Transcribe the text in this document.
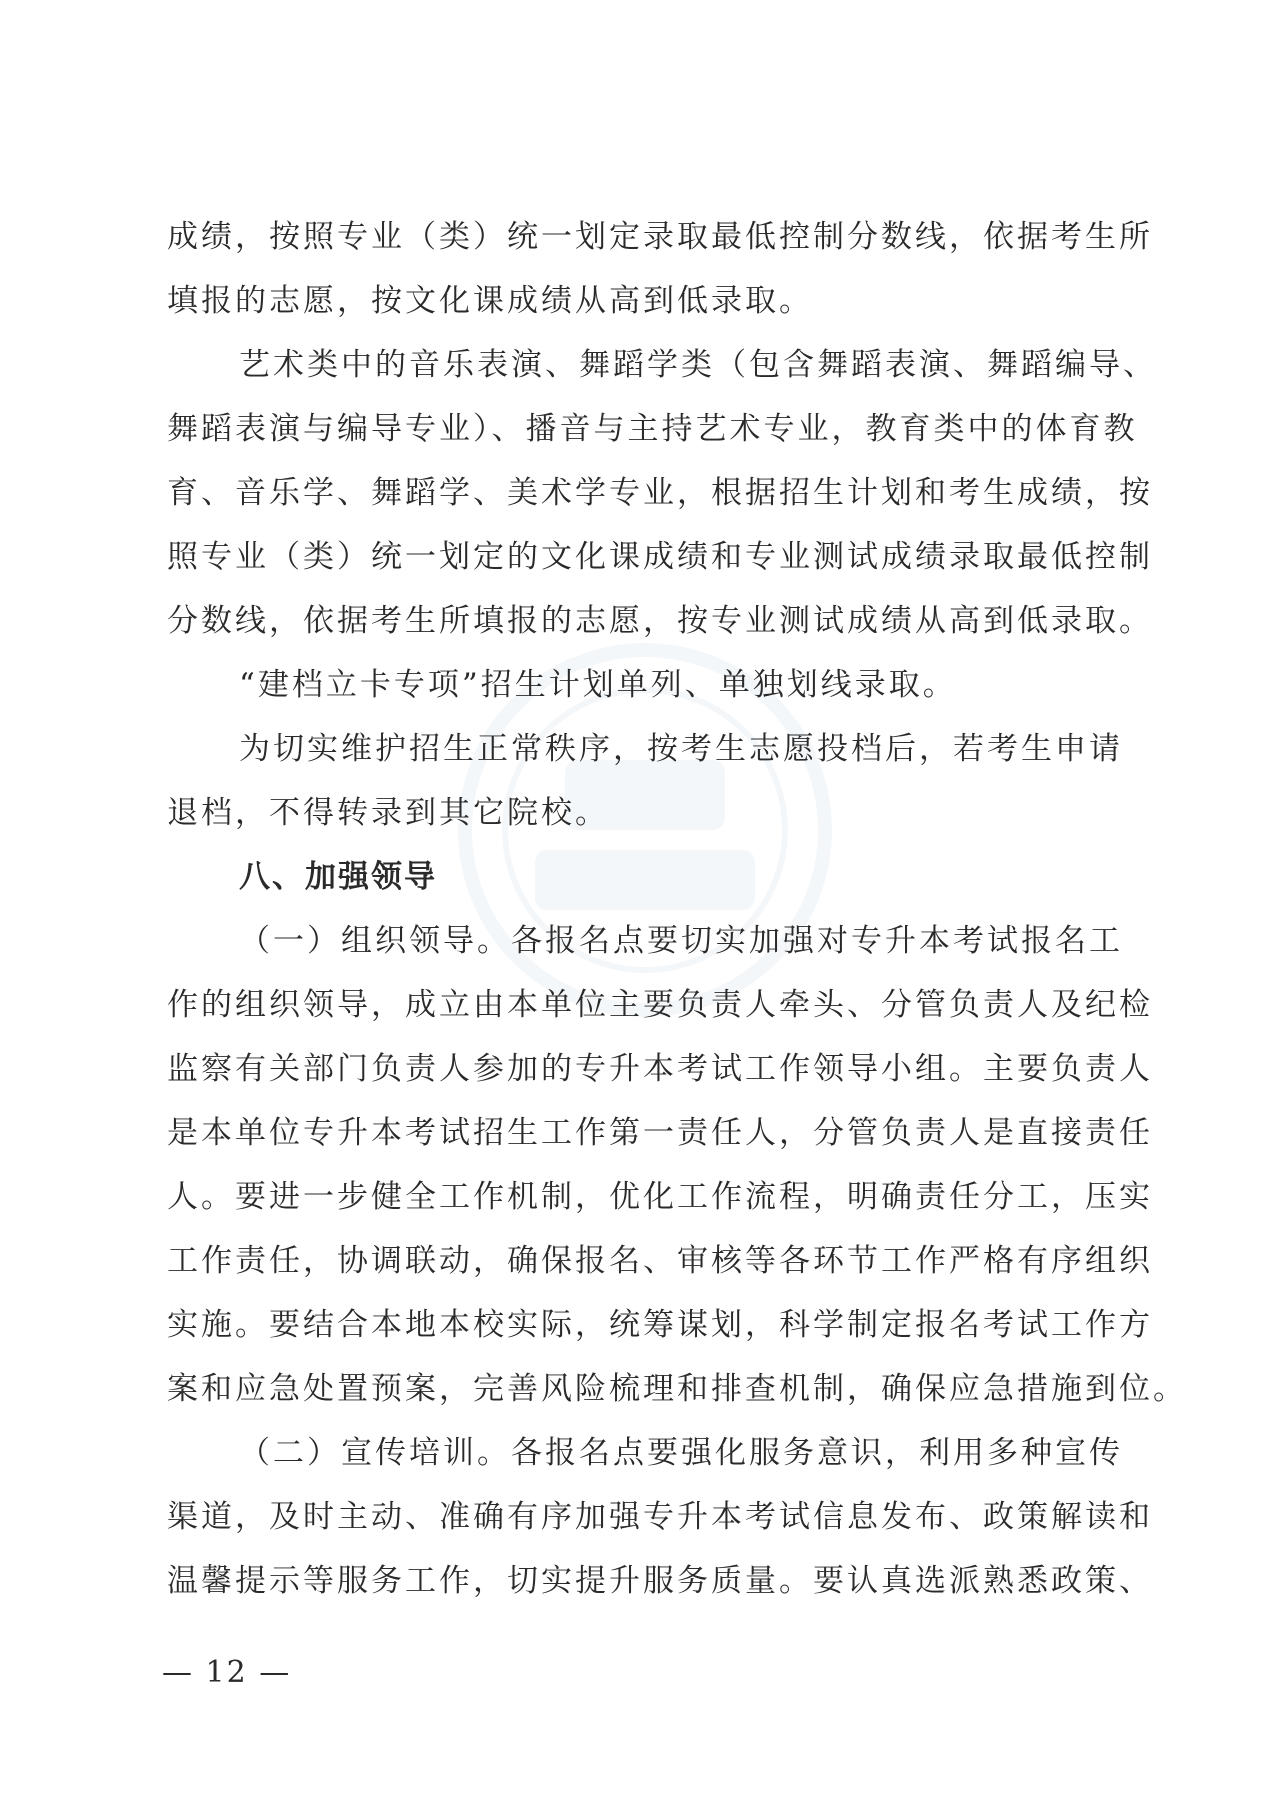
成绩，按照专业（类）统一划定录取最低控制分数线，依据考生所
填报的志愿，按文化课成绩从高到低录取。
艺术类中的音乐表演、舞蹈学类（包含舞蹈表演、舞蹈编导、
舞蹈表演与编导专业）、播音与主持艺术专业，教育类中的体育教
育、音乐学、舞蹈学、美术学专业，根据招生计划和考生成绩，按
照专业（类）统一划定的文化课成绩和专业测试成绩录取最低控制
分数线，依据考生所填报的志愿，按专业测试成绩从高到低录取。
“建档立卡专项”招生计划单列、单独划线录取。
为切实维护招生正常秩序，按考生志愿投档后，若考生申请
退档，不得转录到其它院校。
八、加强领导
（一）组织领导。各报名点要切实加强对专升本考试报名工
作的组织领导，成立由本单位主要负责人牵头、分管负责人及纪检
监察有关部门负责人参加的专升本考试工作领导小组。主要负责人
是本单位专升本考试招生工作第一责任人，分管负责人是直接责任
人。要进一步健全工作机制，优化工作流程，明确责任分工，压实
工作责任，协调联动，确保报名、审核等各环节工作严格有序组织
实施。要结合本地本校实际，统筹谋划，科学制定报名考试工作方
案和应急处置预案，完善风险梳理和排查机制，确保应急措施到位。
（二）宣传培训。各报名点要强化服务意识，利用多种宣传
渠道，及时主动、准确有序加强专升本考试信息发布、政策解读和
温馨提示等服务工作，切实提升服务质量。要认真选派熟悉政策、
— 12 —
